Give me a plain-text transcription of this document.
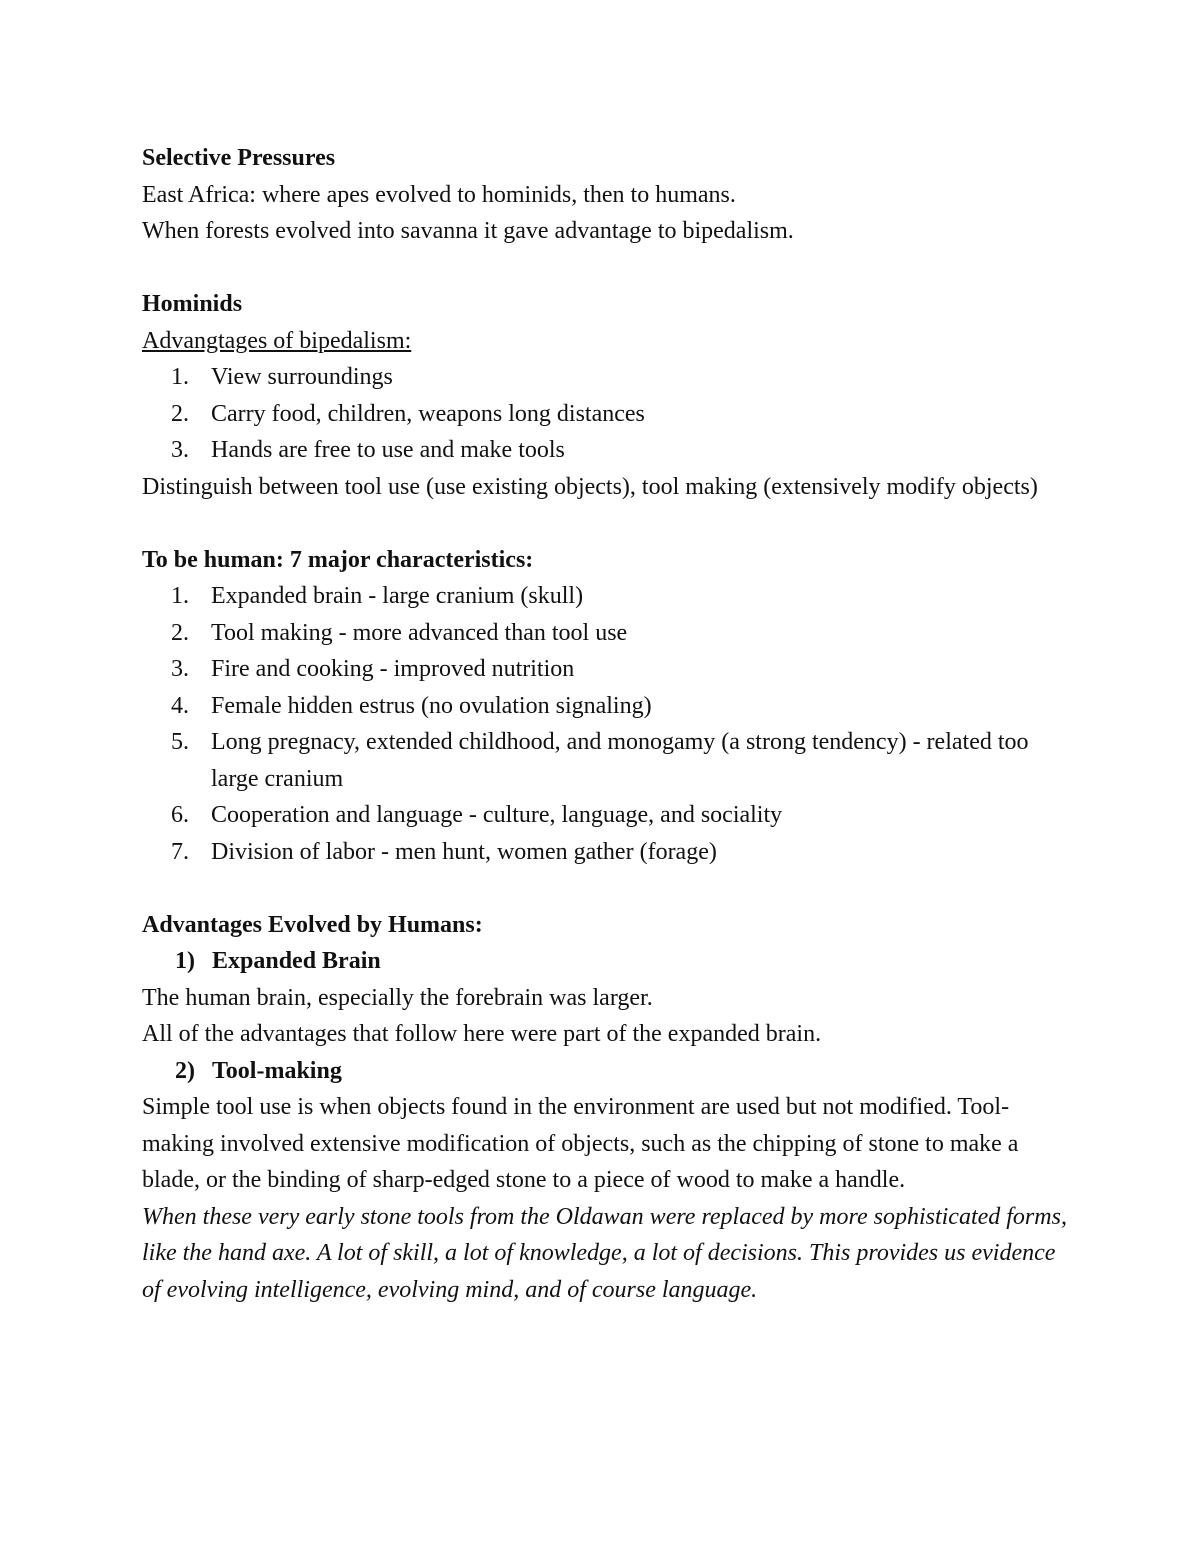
Selective Pressures

East Africa: where apes evolved to hominids, then to humans.

When forests evolved into savanna it gave advantage to bipedalism.

Hominids

Advangtages of bipedalism:

1. View surroundings
2. Carry food, children, weapons long distances
3. Hands are free to use and make tools

Distinguish between tool use (use existing objects), tool making (extensively modify objects)

To be human: 7 major characteristics:

1. Expanded brain - large cranium (skull)
2. Tool making - more advanced than tool use
3. Fire and cooking - improved nutrition
4. Female hidden estrus (no ovulation signaling)
5. Long pregnacy, extended childhood, and monogamy (a strong tendency) - related too large cranium
6. Cooperation and language - culture, language, and sociality
7. Division of labor - men hunt, women gather (forage)

Advantages Evolved by Humans:

1) Expanded Brain

The human brain, especially the forebrain was larger.

All of the advantages that follow here were part of the expanded brain.

2) Tool-making

Simple tool use is when objects found in the environment are used but not modified. Tool-making involved extensive modification of objects, such as the chipping of stone to make a blade, or the binding of sharp-edged stone to a piece of wood to make a handle.

When these very early stone tools from the Oldawan were replaced by more sophisticated forms, like the hand axe. A lot of skill, a lot of knowledge, a lot of decisions. This provides us evidence of evolving intelligence, evolving mind, and of course language.
